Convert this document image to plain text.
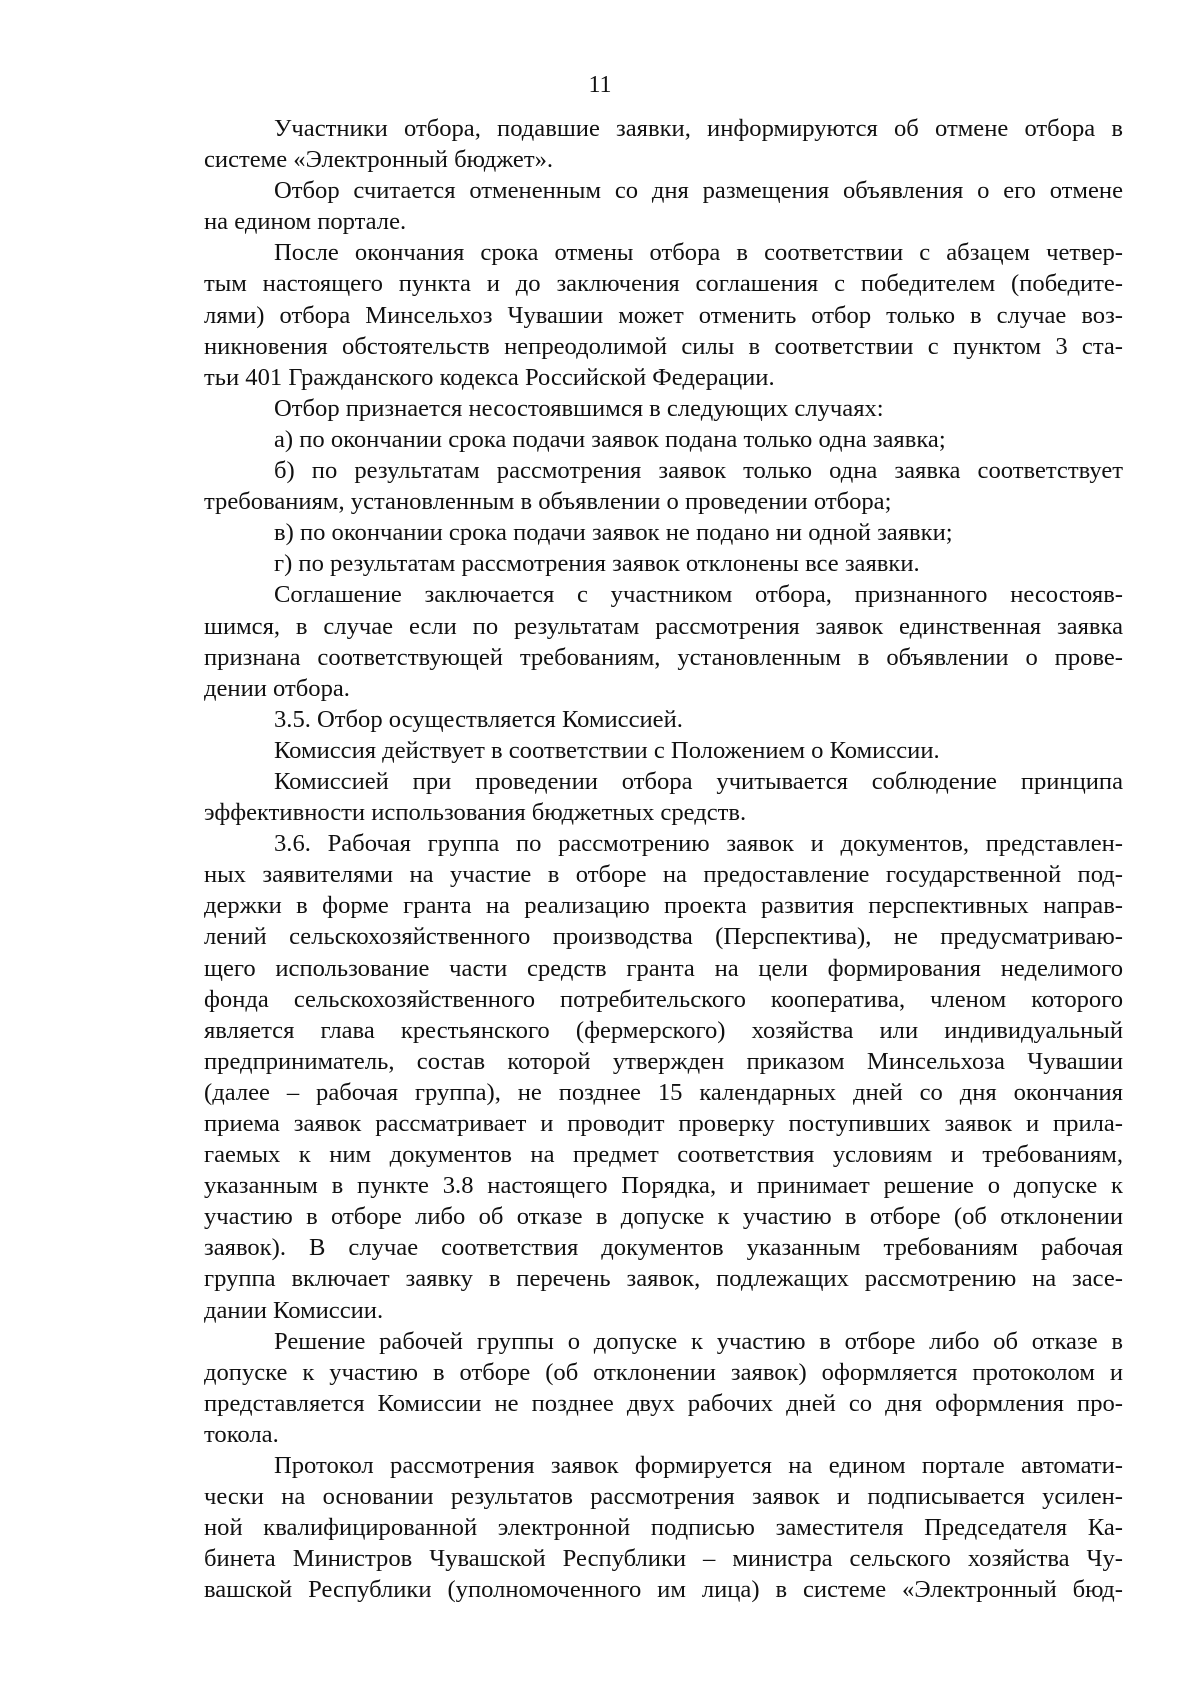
11
Участники отбора, подавшие заявки, информируются об отмене отбора в
системе «Электронный бюджет».
Отбор считается отмененным со дня размещения объявления о его отмене
на едином портале.
После окончания срока отмены отбора в соответствии с абзацем четвер-
тым настоящего пункта и до заключения соглашения с победителем (победите-
лями) отбора Минсельхоз Чувашии может отменить отбор только в случае воз-
никновения обстоятельств непреодолимой силы в соответствии с пунктом 3 ста-
тьи 401 Гражданского кодекса Российской Федерации.
Отбор признается несостоявшимся в следующих случаях:
а) по окончании срока подачи заявок подана только одна заявка;
б) по результатам рассмотрения заявок только одна заявка соответствует
требованиям, установленным в объявлении о проведении отбора;
в) по окончании срока подачи заявок не подано ни одной заявки;
г) по результатам рассмотрения заявок отклонены все заявки.
Соглашение заключается с участником отбора, признанного несостояв-
шимся, в случае если по результатам рассмотрения заявок единственная заявка
признана соответствующей требованиям, установленным в объявлении о прове-
дении отбора.
3.5. Отбор осуществляется Комиссией.
Комиссия действует в соответствии с Положением о Комиссии.
Комиссией при проведении отбора учитывается соблюдение принципа
эффективности использования бюджетных средств.
3.6. Рабочая группа по рассмотрению заявок и документов, представлен-
ных заявителями на участие в отборе на предоставление государственной под-
держки в форме гранта на реализацию проекта развития перспективных направ-
лений сельскохозяйственного производства (Перспектива), не предусматриваю-
щего использование части средств гранта на цели формирования неделимого
фонда сельскохозяйственного потребительского кооператива, членом которого
является глава крестьянского (фермерского) хозяйства или индивидуальный
предприниматель, состав которой утвержден приказом Минсельхоза Чувашии
(далее – рабочая группа), не позднее 15 календарных дней со дня окончания
приема заявок рассматривает и проводит проверку поступивших заявок и прила-
гаемых к ним документов на предмет соответствия условиям и требованиям,
указанным в пункте 3.8 настоящего Порядка, и принимает решение о допуске к
участию в отборе либо об отказе в допуске к участию в отборе (об отклонении
заявок). В случае соответствия документов указанным требованиям рабочая
группа включает заявку в перечень заявок, подлежащих рассмотрению на засе-
дании Комиссии.
Решение рабочей группы о допуске к участию в отборе либо об отказе в
допуске к участию в отборе (об отклонении заявок) оформляется протоколом и
представляется Комиссии не позднее двух рабочих дней со дня оформления про-
токола.
Протокол рассмотрения заявок формируется на едином портале автомати-
чески на основании результатов рассмотрения заявок и подписывается усилен-
ной квалифицированной электронной подписью заместителя Председателя Ка-
бинета Министров Чувашской Республики – министра сельского хозяйства Чу-
вашской Республики (уполномоченного им лица) в системе «Электронный бюд-
